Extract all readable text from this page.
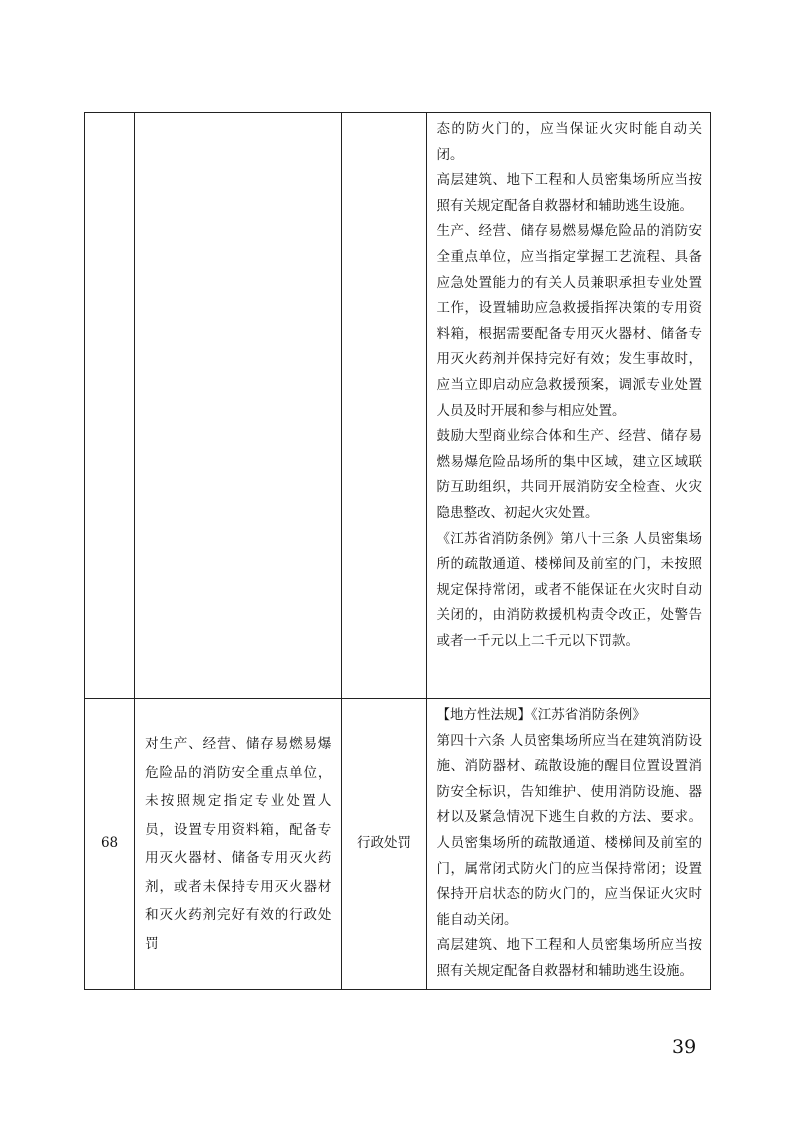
			态的防火门的，应当保证火灾时能自动关闭。

高层建筑、地下工程和人员密集场所应当按照有关规定配备自救器材和辅助逃生设施。

生产、经营、储存易燃易爆危险品的消防安全重点单位，应当指定掌握工艺流程、具备应急处置能力的有关人员兼职承担专业处置工作，设置辅助应急救援指挥决策的专用资料箱，根据需要配备专用灭火器材、储备专用灭火药剂并保持完好有效；发生事故时，应当立即启动应急救援预案，调派专业处置人员及时开展和参与相应处置。

鼓励大型商业综合体和生产、经营、储存易燃易爆危险品场所的集中区域，建立区域联防互助组织，共同开展消防安全检查、火灾隐患整改、初起火灾处置。

《江苏省消防条例》第八十三条 人员密集场所的疏散通道、楼梯间及前室的门，未按照规定保持常闭，或者不能保证在火灾时自动关闭的，由消防救援机构责令改正，处警告或者一千元以上二千元以下罚款。

68	对生产、经营、储存易燃易爆危险品的消防安全重点单位，未按照规定指定专业处置人员，设置专用资料箱，配备专用灭火器材、储备专用灭火药剂，或者未保持专用灭火器材和灭火药剂完好有效的行政处罚	行政处罚	【地方性法规】《江苏省消防条例》

第四十六条 人员密集场所应当在建筑消防设施、消防器材、疏散设施的醒目位置设置消防安全标识，告知维护、使用消防设施、器材以及紧急情况下逃生自救的方法、要求。人员密集场所的疏散通道、楼梯间及前室的门，属常闭式防火门的应当保持常闭；设置保持开启状态的防火门的，应当保证火灾时能自动关闭。

高层建筑、地下工程和人员密集场所应当按照有关规定配备自救器材和辅助逃生设施。

39
